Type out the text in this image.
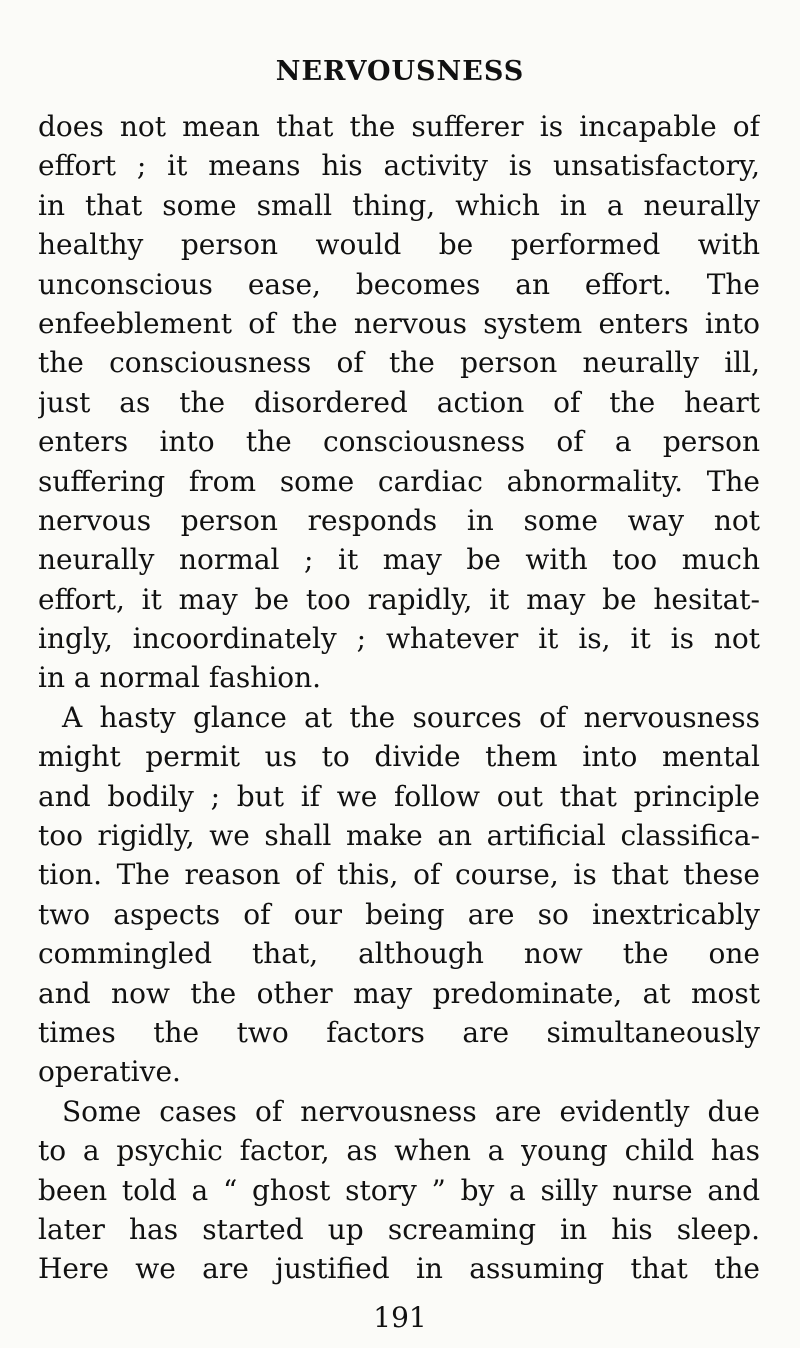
NERVOUSNESS
does not mean that the sufferer is incapable of
effort ; it means his activity is unsatisfactory,
in that some small thing, which in a neurally
healthy person would be performed with
unconscious ease, becomes an effort. The
enfeeblement of the nervous system enters into
the consciousness of the person neurally ill,
just as the disordered action of the heart
enters into the consciousness of a person
suffering from some cardiac abnormality. The
nervous person responds in some way not
neurally normal ; it may be with too much
effort, it may be too rapidly, it may be hesitat-
ingly, incoordinately ; whatever it is, it is not
in a normal fashion.
A hasty glance at the sources of nervousness
might permit us to divide them into mental
and bodily ; but if we follow out that principle
too rigidly, we shall make an artificial classifica-
tion. The reason of this, of course, is that these
two aspects of our being are so inextricably
commingled that, although now the one
and now the other may predominate, at most
times the two factors are simultaneously
operative.
Some cases of nervousness are evidently due
to a psychic factor, as when a young child has
been told a “ ghost story ” by a silly nurse and
later has started up screaming in his sleep.
Here we are justified in assuming that the
191
